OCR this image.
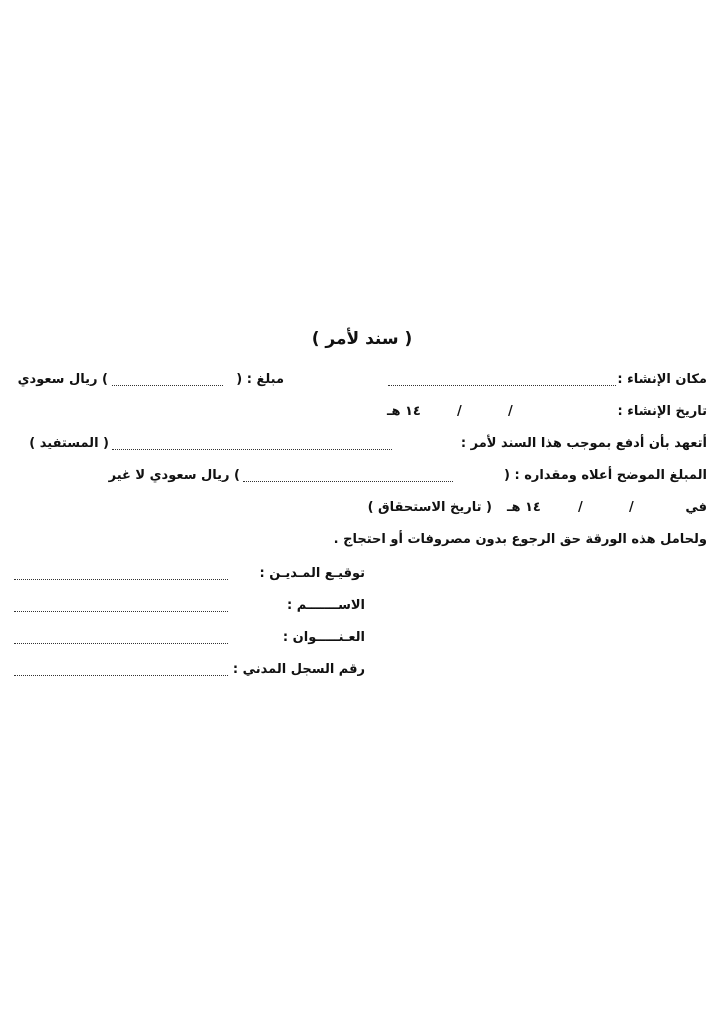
( سند لأمر )
مكان الإنشاء :
مبلغ : (
) ريال سعودي
تاريخ الإنشاء :
/
/
١٤ هـ
أتعهد بأن أدفع بموجب هذا السند لأمر :
( المستفيد )
المبلغ الموضح أعلاه ومقداره : (
) ريال سعودي لا غير
في
/
/
١٤ هـ
( تاريخ الاستحقاق )
ولحامل هذه الورقة حق الرجوع بدون مصروفات أو احتجاج .
توقيـع المـديـن :
الاســـــــم :
العـنـــــوان :
رقم السجل المدني :
